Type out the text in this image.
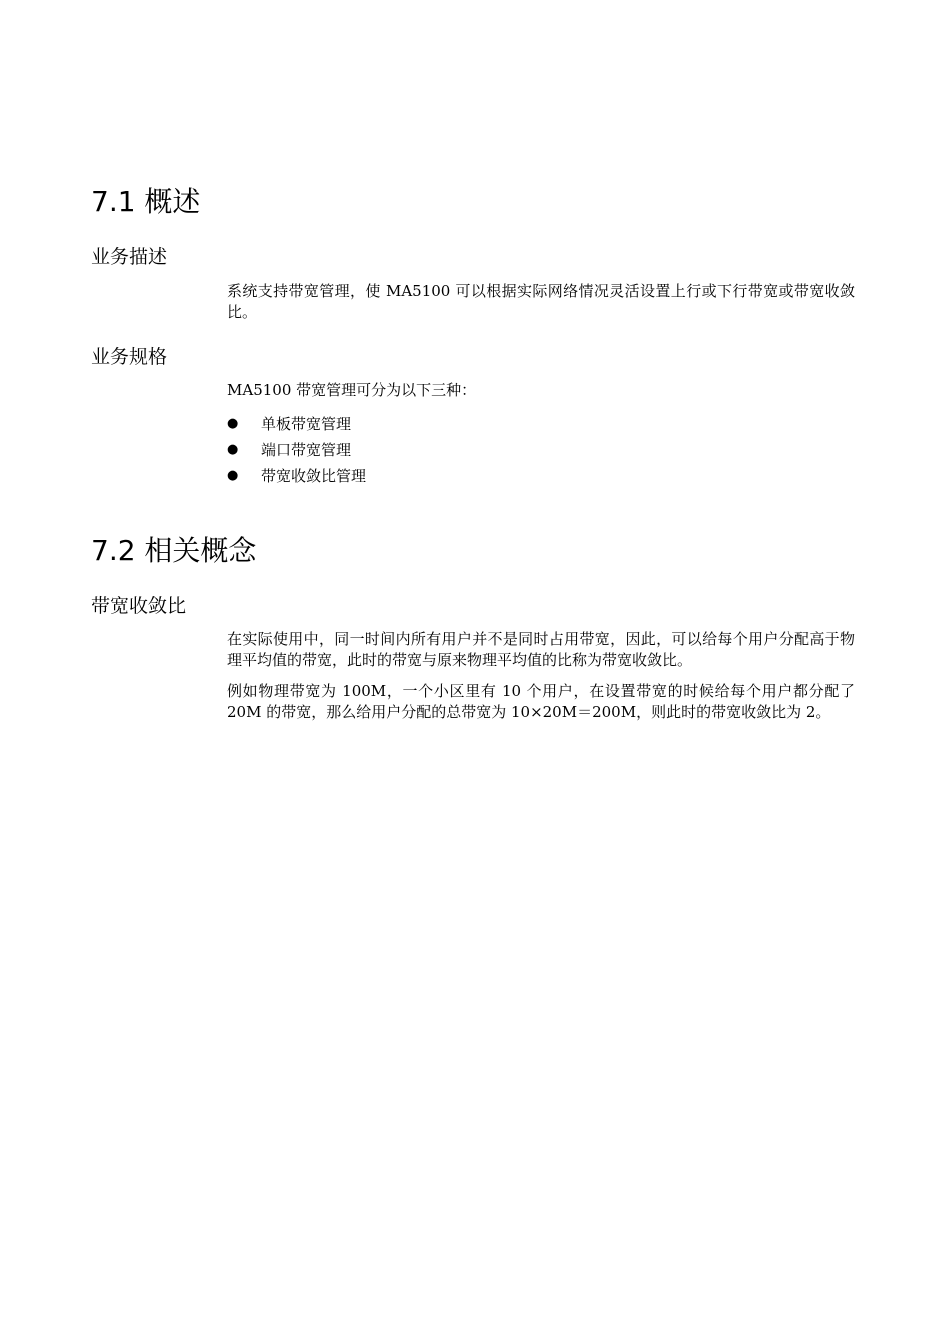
7.1 概述
业务描述

系统支持带宽管理，使 MA5100 可以根据实际网络情况灵活设置上行或下行带宽或带宽收敛比。

业务规格

MA5100 带宽管理可分为以下三种：

● 单板带宽管理
● 端口带宽管理
● 带宽收敛比管理
7.2 相关概念
带宽收敛比

在实际使用中，同一时间内所有用户并不是同时占用带宽，因此，可以给每个用户分配高于物理平均值的带宽，此时的带宽与原来物理平均值的比称为带宽收敛比。

例如物理带宽为 100M，一个小区里有 10 个用户，在设置带宽的时候给每个用户都分配了 20M 的带宽，那么给用户分配的总带宽为 10×20M＝200M，则此时的带宽收敛比为 2。
